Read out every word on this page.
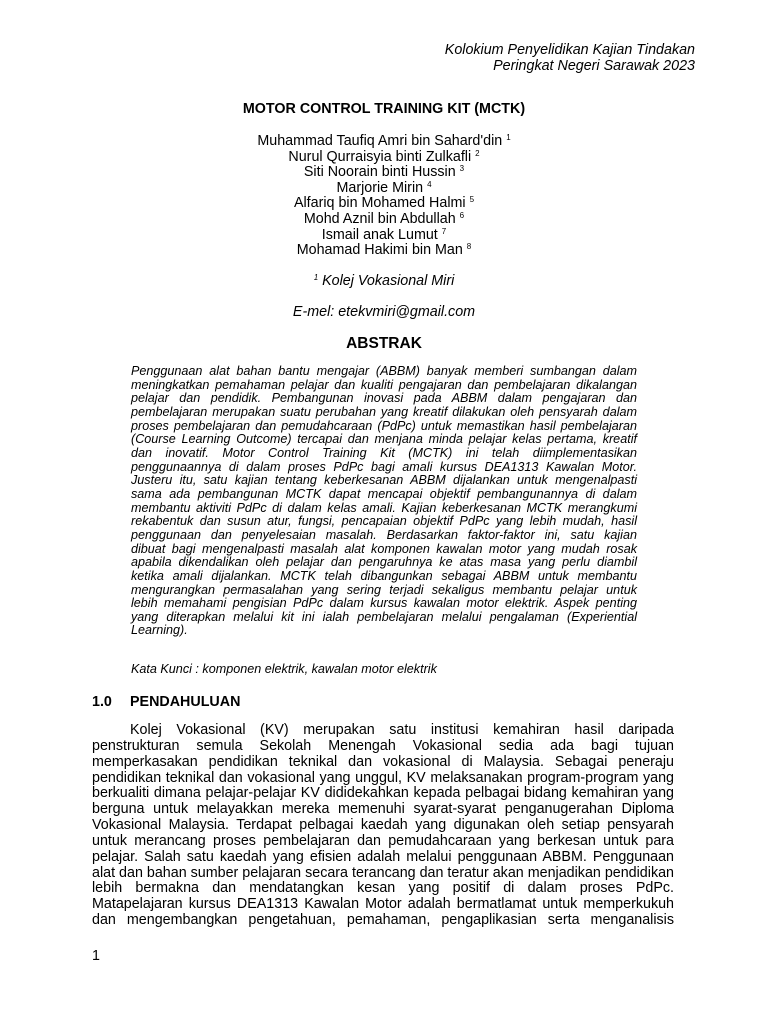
Kolokium Penyelidikan Kajian Tindakan
Peringkat Negeri Sarawak 2023
MOTOR CONTROL TRAINING KIT (MCTK)
Muhammad Taufiq Amri bin Sahard'din $^1$
Nurul Qurraisyia binti Zulkafli $^2$
Siti Noorain binti Hussin $^3$
Marjorie Mirin $^4$
Alfariq bin Mohamed Halmi $^5$
Mohd Aznil bin Abdullah $^6$
Ismail anak Lumut $^7$
Mohamad Hakimi bin Man $^8$
$^1$ Kolej Vokasional Miri
E-mel: etekvmiri@gmail.com
ABSTRAK
Penggunaan alat bahan bantu mengajar (ABBM) banyak memberi sumbangan dalam
meningkatkan pemahaman pelajar dan kualiti pengajaran dan pembelajaran dikalangan
pelajar dan pendidik. Pembangunan inovasi pada ABBM dalam pengajaran dan
pembelajaran merupakan suatu perubahan yang kreatif dilakukan oleh pensyarah dalam
proses pembelajaran dan pemudahcaraan (PdPc) untuk memastikan hasil pembelajaran
(Course Learning Outcome) tercapai dan menjana minda pelajar kelas pertama, kreatif
dan inovatif. Motor Control Training Kit (MCTK) ini telah diimplementasikan
penggunaannya di dalam proses PdPc bagi amali kursus DEA1313 Kawalan Motor.
Justeru itu, satu kajian tentang keberkesanan ABBM dijalankan untuk mengenalpasti
sama ada pembangunan MCTK dapat mencapai objektif pembangunannya di dalam
membantu aktiviti PdPc di dalam kelas amali. Kajian keberkesanan MCTK merangkumi
rekabentuk dan susun atur, fungsi, pencapaian objektif PdPc yang lebih mudah, hasil
penggunaan dan penyelesaian masalah. Berdasarkan faktor-faktor ini, satu kajian
dibuat bagi mengenalpasti masalah alat komponen kawalan motor yang mudah rosak
apabila dikendalikan oleh pelajar dan pengaruhnya ke atas masa yang perlu diambil
ketika amali dijalankan. MCTK telah dibangunkan sebagai ABBM untuk membantu
mengurangkan permasalahan yang sering terjadi sekaligus membantu pelajar untuk
lebih memahami pengisian PdPc dalam kursus kawalan motor elektrik. Aspek penting
yang diterapkan melalui kit ini ialah pembelajaran melalui pengalaman (Experiential
Learning).
Kata Kunci : komponen elektrik, kawalan motor elektrik
1.0 PENDAHULUAN
Kolej Vokasional (KV) merupakan satu institusi kemahiran hasil daripada
penstrukturan semula Sekolah Menengah Vokasional sedia ada bagi tujuan
memperkasakan pendidikan teknikal dan vokasional di Malaysia. Sebagai peneraju
pendidikan teknikal dan vokasional yang unggul, KV melaksanakan program-program yang
berkualiti dimana pelajar-pelajar KV dididekahkan kepada pelbagai bidang kemahiran yang
berguna untuk melayakkan mereka memenuhi syarat-syarat penganugerahan Diploma
Vokasional Malaysia. Terdapat pelbagai kaedah yang digunakan oleh setiap pensyarah
untuk merancang proses pembelajaran dan pemudahcaraan yang berkesan untuk para
pelajar. Salah satu kaedah yang efisien adalah melalui penggunaan ABBM. Penggunaan
alat dan bahan sumber pelajaran secara terancang dan teratur akan menjadikan pendidikan
lebih bermakna dan mendatangkan kesan yang positif di dalam proses PdPc.
Matapelajaran kursus DEA1313 Kawalan Motor adalah bermatlamat untuk memperkukuh
dan mengembangkan pengetahuan, pemahaman, pengaplikasian serta menganalisis
1
